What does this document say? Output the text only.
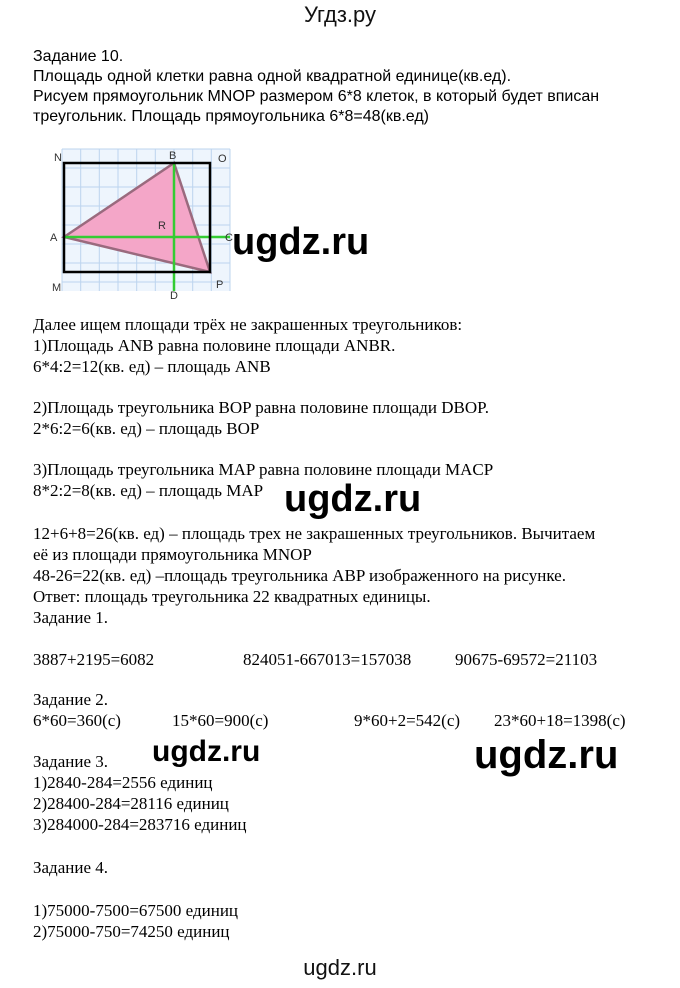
Угдз.ру
Задание 10.
Площадь одной клетки равна одной квадратной единице(кв.ед).
Рисуем прямоугольник MNOP размером 6*8 клеток, в который будет вписан
треугольник. Площадь прямоугольника 6*8=48(кв.ед)
N	B	O
A
R
C
M
D
P
ugdz.ru
Далее ищем площади трёх не закрашенных треугольников:
1)Площадь ANB равна половине площади ANBR.
6*4:2=12(кв. ед) – площадь ANB
2)Площадь треугольника BOP равна половине площади DBOP.
2*6:2=6(кв. ед) – площадь BOP
3)Площадь треугольника MAP равна половине площади MACP
8*2:2=8(кв. ед) – площадь MAP ugdz.ru
12+6+8=26(кв. ед) – площадь трех не закрашенных треугольников. Вычитаем
её из площади прямоугольника MNOP
48-26=22(кв. ед) –площадь треугольника ABP изображенного на рисунке.
Ответ: площадь треугольника 22 квадратных единицы.
Задание 1.
3887+2195=6082	824051-667013=157038	90675-69572=21103
Задание 2.
6*60=360(с)	15*60=900(с)	9*60+2=542(с) 23*60+18=1398(с)
ugdz.ru	ugdz.ru
Задание 3.
1)2840-284=2556 единиц
2)28400-284=28116 единиц
3)284000-284=283716 единиц
Задание 4.
1)75000-7500=67500 единиц
2)75000-750=74250 единиц
ugdz.ru
